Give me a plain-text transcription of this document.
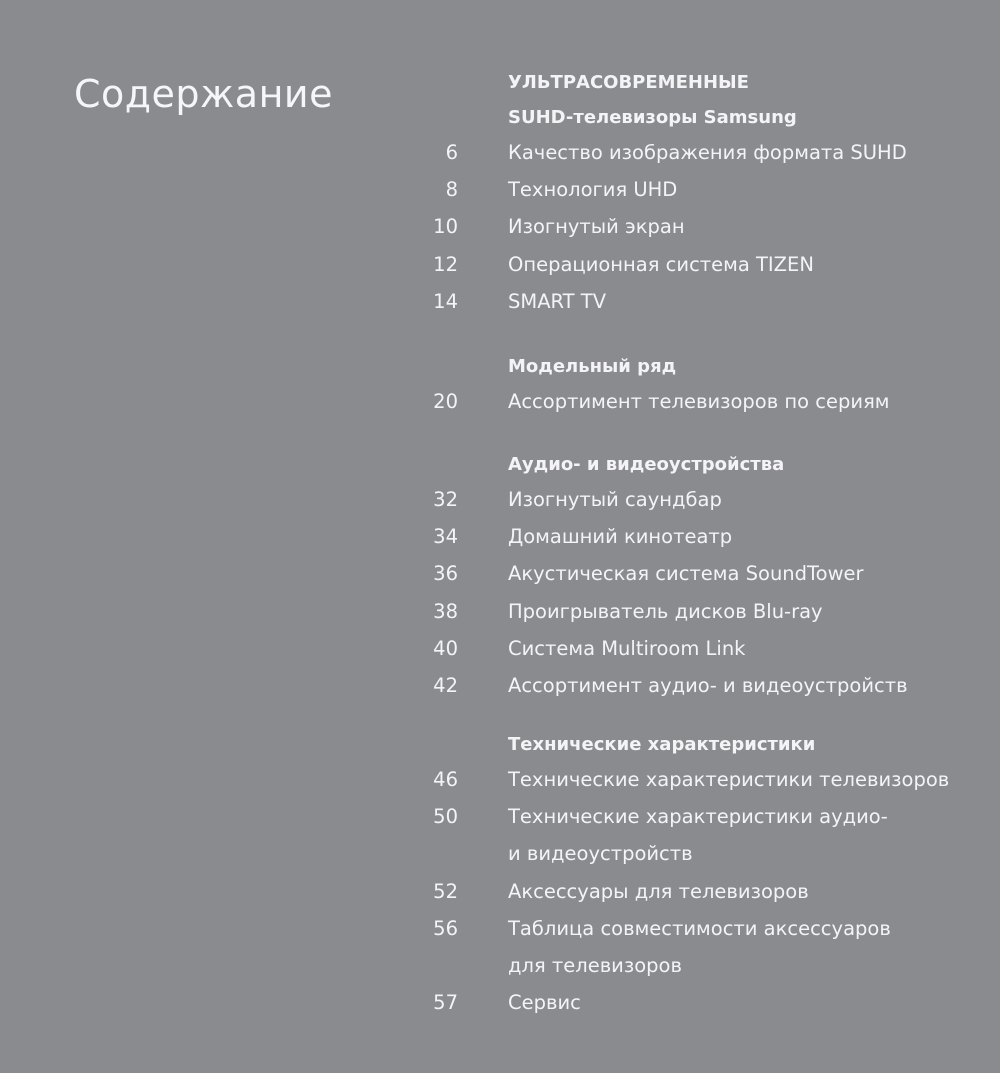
Содержание	УЛЬТРАСОВРЕМЕННЫЕ
SUHD-телевизоры Samsung
6	Качество изображения формата SUHD
8	Технология UHD
10	Изогнутый экран
12	Операционная система TIZEN
14	SMART TV
Модельный ряд
20	Ассортимент телевизоров по сериям
Аудио- и видеоустройства
32	Изогнутый саундбар
34	Домашний кинотеатр
36	Акустическая система SoundTower
38	Проигрыватель дисков Blu-ray
40	Система Multiroom Link
42	Ассортимент аудио- и видеоустройств
Технические характеристики
46	Технические характеристики телевизоров
50	Технические характеристики аудио-
и видеоустройств
52	Аксессуары для телевизоров
56	Таблица совместимости аксессуаров
для телевизоров
57	Сервис
